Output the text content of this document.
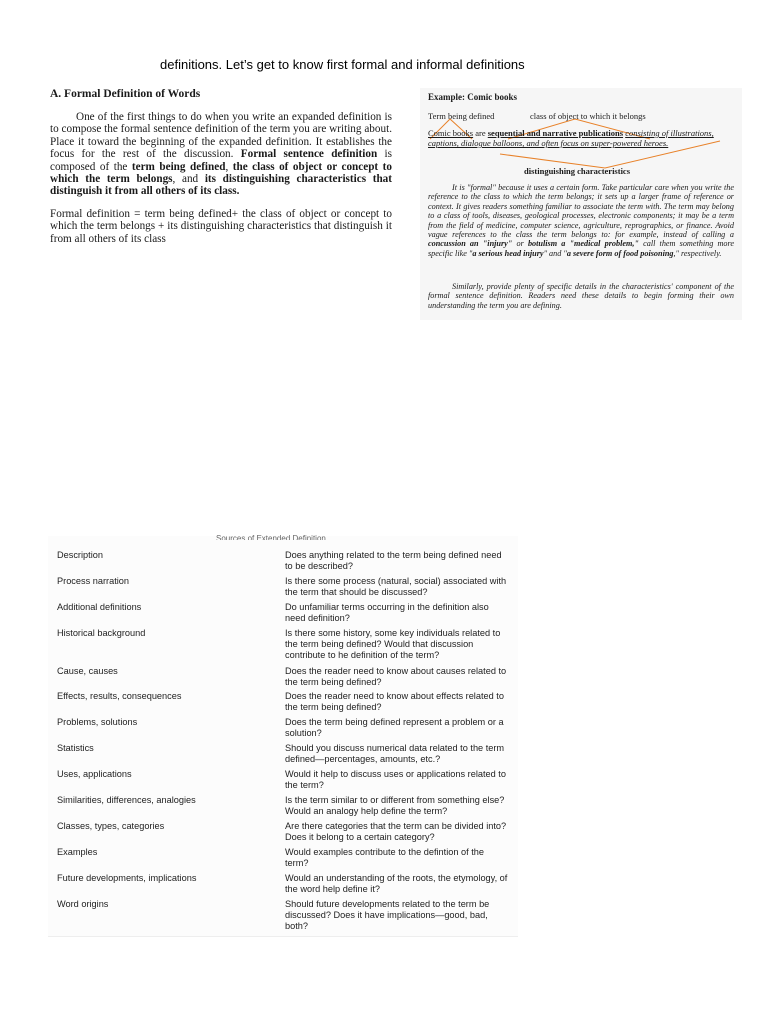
definitions. Let’s get to know first formal and informal definitions
A. Formal Definition of Words

One of the first things to do when you write an expanded definition is to compose the formal sentence definition of the term you are writing about. Place it toward the beginning of the expanded definition. It establishes the focus for the rest of the discussion. Formal sentence definition is composed of the term being defined, the class of object or concept to which the term belongs, and its distinguishing characteristics that distinguish it from all others of its class.

Formal definition = term being defined+ the class of object or concept to which the term belongs + its distinguishing characteristics that distinguish it from all others of its class

Example: Comic books
Term being defined	class of object to which it belongs
Comic books are sequential and narrative publications consisting of illustrations, captions, dialogue balloons, and often focus on super-powered heroes.
distinguishing characteristics

It is "formal" because it uses a certain form. Take particular care when you write the reference to the class to which the term belongs; it sets up a larger frame of reference or context. It gives readers something familiar to associate the term with. The term may belong to a class of tools, diseases, geological processes, electronic components; it may be a term from the field of medicine, computer science, agriculture, reprographics, or finance. Avoid vague references to the class the term belongs to: for example, instead of calling a concussion an "injury" or botulism a "medical problem," call them something more specific like "a serious head injury" and "a severe form of food poisoning," respectively.

Similarly, provide plenty of specific details in the characteristics' component of the formal sentence definition. Readers need these details to begin forming their own understanding the term you are defining.

Sources of Extended Definition
Description	Does anything related to the term being defined need to be described?
Process narration	Is there some process (natural, social) associated with the term that should be discussed?
Additional definitions	Do unfamiliar terms occurring in the definition also need definition?
Historical background	Is there some history, some key individuals related to the term being defined? Would that discussion contribute to he definition of the term?
Cause, causes	Does the reader need to know about causes related to the term being defined?
Effects, results, consequences	Does the reader need to know about effects related to the term being defined?
Problems, solutions	Does the term being defined represent a problem or a solution?
Statistics	Should you discuss numerical data related to the term defined—percentages, amounts, etc.?
Uses, applications	Would it help to discuss uses or applications related to the term?
Similarities, differences, analogies	Is the term similar to or different from something else? Would an analogy help define the term?
Classes, types, categories	Are there categories that the term can be divided into? Does it belong to a certain category?
Examples	Would examples contribute to the defintion of the term?
Future developments, implications	Would an understanding of the roots, the etymology, of the word help define it?
Word origins	Should future developments related to the term be discussed? Does it have implications—good, bad, both?
